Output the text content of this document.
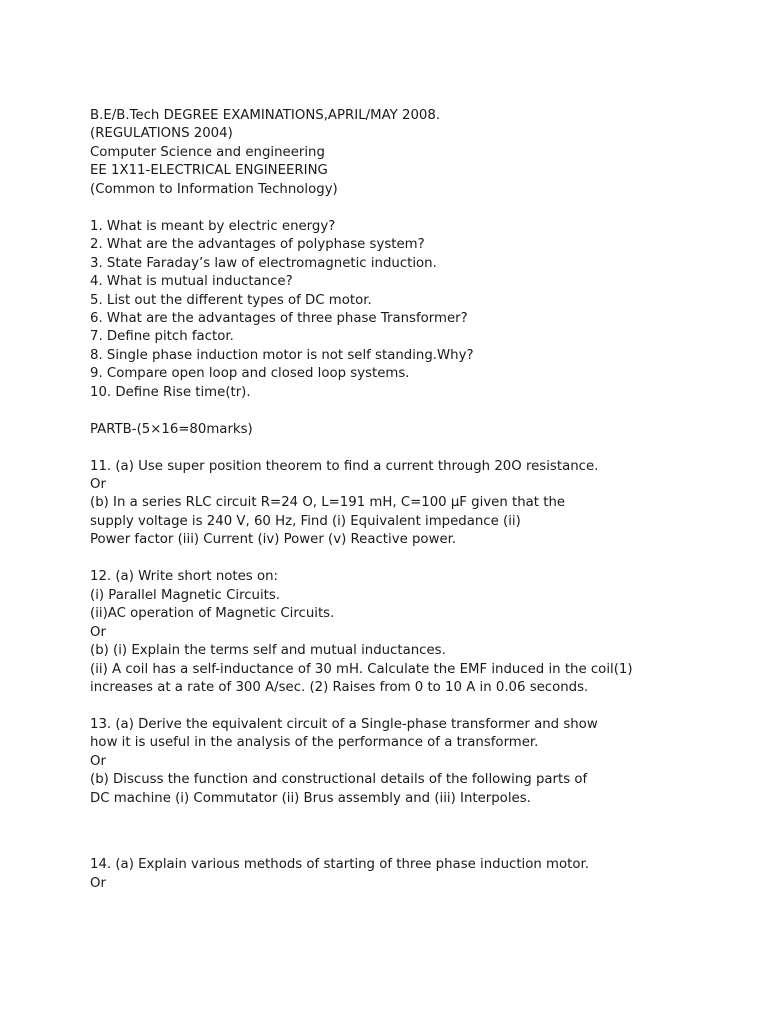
B.E/B.Tech DEGREE EXAMINATIONS,APRIL/MAY 2008.
(REGULATIONS 2004)
Computer Science and engineering
EE 1X11-ELECTRICAL ENGINEERING
(Common to Information Technology)
1. What is meant by electric energy?
2. What are the advantages of polyphase system?
3. State Faraday’s law of electromagnetic induction.
4. What is mutual inductance?
5. List out the different types of DC motor.
6. What are the advantages of three phase Transformer?
7. Define pitch factor.
8. Single phase induction motor is not self standing.Why?
9. Compare open loop and closed loop systems.
10. Define Rise time(tr).
PARTB-(5×16=80marks)
11. (a) Use super position theorem to find a current through 20O resistance.
Or
(b) In a series RLC circuit R=24 O, L=191 mH, C=100 µF given that the
supply voltage is 240 V, 60 Hz, Find (i) Equivalent impedance (ii)
Power factor (iii) Current (iv) Power (v) Reactive power.
12. (a) Write short notes on:
(i) Parallel Magnetic Circuits.
(ii)AC operation of Magnetic Circuits.
Or
(b) (i) Explain the terms self and mutual inductances.
(ii) A coil has a self-inductance of 30 mH. Calculate the EMF induced in the coil(1)
increases at a rate of 300 A/sec. (2) Raises from 0 to 10 A in 0.06 seconds.
13. (a) Derive the equivalent circuit of a Single-phase transformer and show
how it is useful in the analysis of the performance of a transformer.
Or
(b) Discuss the function and constructional details of the following parts of
DC machine (i) Commutator (ii) Brus assembly and (iii) Interpoles.
14. (a) Explain various methods of starting of three phase induction motor.
Or
